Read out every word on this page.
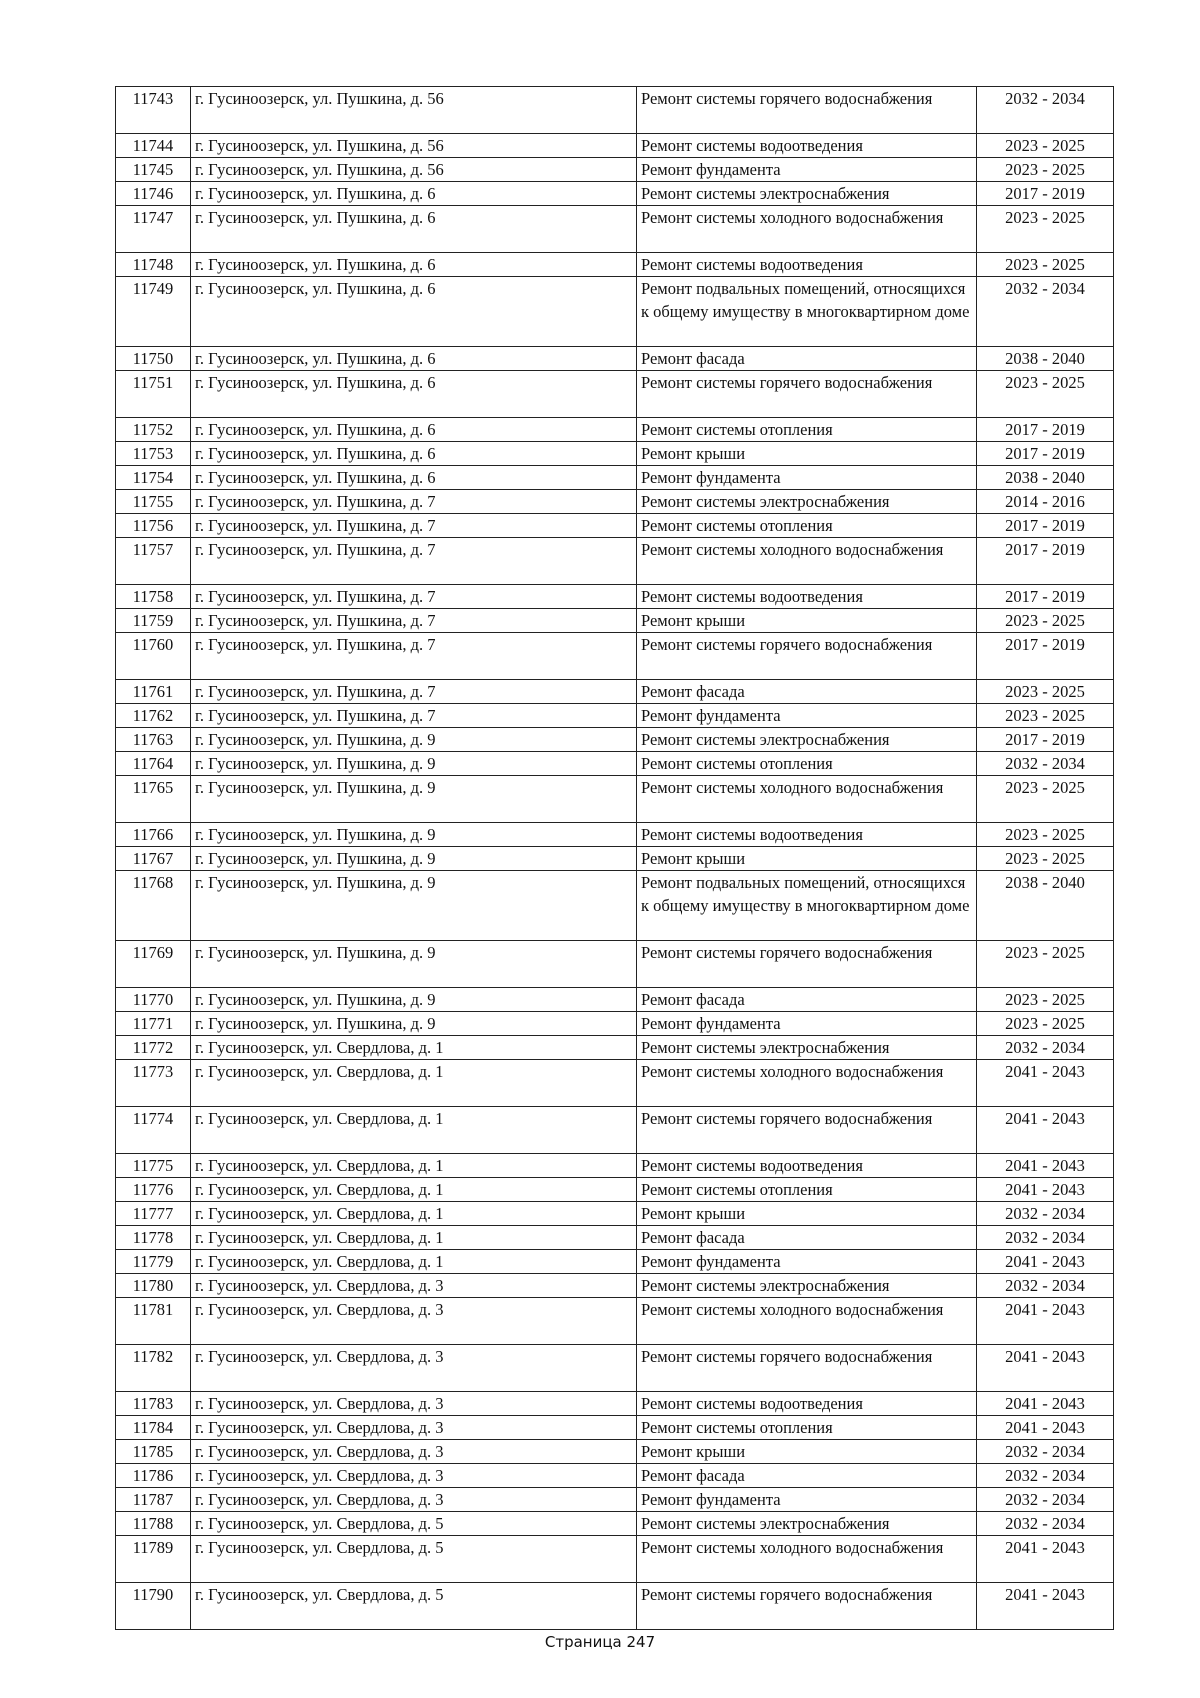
11743	г. Гусиноозерск, ул. Пушкина, д. 56	Ремонт системы горячего водоснабжения	2032 - 2034
11744	г. Гусиноозерск, ул. Пушкина, д. 56	Ремонт системы водоотведения	2023 - 2025
11745	г. Гусиноозерск, ул. Пушкина, д. 56	Ремонт фундамента	2023 - 2025
11746	г. Гусиноозерск, ул. Пушкина, д. 6	Ремонт системы электроснабжения	2017 - 2019
11747	г. Гусиноозерск, ул. Пушкина, д. 6	Ремонт системы холодного водоснабжения	2023 - 2025
11748	г. Гусиноозерск, ул. Пушкина, д. 6	Ремонт системы водоотведения	2023 - 2025
11749	г. Гусиноозерск, ул. Пушкина, д. 6	Ремонт подвальных помещений, относящихся к общему имуществу в многоквартирном доме	2032 - 2034
11750	г. Гусиноозерск, ул. Пушкина, д. 6	Ремонт фасада	2038 - 2040
11751	г. Гусиноозерск, ул. Пушкина, д. 6	Ремонт системы горячего водоснабжения	2023 - 2025
11752	г. Гусиноозерск, ул. Пушкина, д. 6	Ремонт системы отопления	2017 - 2019
11753	г. Гусиноозерск, ул. Пушкина, д. 6	Ремонт крыши	2017 - 2019
11754	г. Гусиноозерск, ул. Пушкина, д. 6	Ремонт фундамента	2038 - 2040
11755	г. Гусиноозерск, ул. Пушкина, д. 7	Ремонт системы электроснабжения	2014 - 2016
11756	г. Гусиноозерск, ул. Пушкина, д. 7	Ремонт системы отопления	2017 - 2019
11757	г. Гусиноозерск, ул. Пушкина, д. 7	Ремонт системы холодного водоснабжения	2017 - 2019
11758	г. Гусиноозерск, ул. Пушкина, д. 7	Ремонт системы водоотведения	2017 - 2019
11759	г. Гусиноозерск, ул. Пушкина, д. 7	Ремонт крыши	2023 - 2025
11760	г. Гусиноозерск, ул. Пушкина, д. 7	Ремонт системы горячего водоснабжения	2017 - 2019
11761	г. Гусиноозерск, ул. Пушкина, д. 7	Ремонт фасада	2023 - 2025
11762	г. Гусиноозерск, ул. Пушкина, д. 7	Ремонт фундамента	2023 - 2025
11763	г. Гусиноозерск, ул. Пушкина, д. 9	Ремонт системы электроснабжения	2017 - 2019
11764	г. Гусиноозерск, ул. Пушкина, д. 9	Ремонт системы отопления	2032 - 2034
11765	г. Гусиноозерск, ул. Пушкина, д. 9	Ремонт системы холодного водоснабжения	2023 - 2025
11766	г. Гусиноозерск, ул. Пушкина, д. 9	Ремонт системы водоотведения	2023 - 2025
11767	г. Гусиноозерск, ул. Пушкина, д. 9	Ремонт крыши	2023 - 2025
11768	г. Гусиноозерск, ул. Пушкина, д. 9	Ремонт подвальных помещений, относящихся к общему имуществу в многоквартирном доме	2038 - 2040
11769	г. Гусиноозерск, ул. Пушкина, д. 9	Ремонт системы горячего водоснабжения	2023 - 2025
11770	г. Гусиноозерск, ул. Пушкина, д. 9	Ремонт фасада	2023 - 2025
11771	г. Гусиноозерск, ул. Пушкина, д. 9	Ремонт фундамента	2023 - 2025
11772	г. Гусиноозерск, ул. Свердлова, д. 1	Ремонт системы электроснабжения	2032 - 2034
11773	г. Гусиноозерск, ул. Свердлова, д. 1	Ремонт системы холодного водоснабжения	2041 - 2043
11774	г. Гусиноозерск, ул. Свердлова, д. 1	Ремонт системы горячего водоснабжения	2041 - 2043
11775	г. Гусиноозерск, ул. Свердлова, д. 1	Ремонт системы водоотведения	2041 - 2043
11776	г. Гусиноозерск, ул. Свердлова, д. 1	Ремонт системы отопления	2041 - 2043
11777	г. Гусиноозерск, ул. Свердлова, д. 1	Ремонт крыши	2032 - 2034
11778	г. Гусиноозерск, ул. Свердлова, д. 1	Ремонт фасада	2032 - 2034
11779	г. Гусиноозерск, ул. Свердлова, д. 1	Ремонт фундамента	2041 - 2043
11780	г. Гусиноозерск, ул. Свердлова, д. 3	Ремонт системы электроснабжения	2032 - 2034
11781	г. Гусиноозерск, ул. Свердлова, д. 3	Ремонт системы холодного водоснабжения	2041 - 2043
11782	г. Гусиноозерск, ул. Свердлова, д. 3	Ремонт системы горячего водоснабжения	2041 - 2043
11783	г. Гусиноозерск, ул. Свердлова, д. 3	Ремонт системы водоотведения	2041 - 2043
11784	г. Гусиноозерск, ул. Свердлова, д. 3	Ремонт системы отопления	2041 - 2043
11785	г. Гусиноозерск, ул. Свердлова, д. 3	Ремонт крыши	2032 - 2034
11786	г. Гусиноозерск, ул. Свердлова, д. 3	Ремонт фасада	2032 - 2034
11787	г. Гусиноозерск, ул. Свердлова, д. 3	Ремонт фундамента	2032 - 2034
11788	г. Гусиноозерск, ул. Свердлова, д. 5	Ремонт системы электроснабжения	2032 - 2034
11789	г. Гусиноозерск, ул. Свердлова, д. 5	Ремонт системы холодного водоснабжения	2041 - 2043
11790	г. Гусиноозерск, ул. Свердлова, д. 5	Ремонт системы горячего водоснабжения	2041 - 2043
Страница 247
